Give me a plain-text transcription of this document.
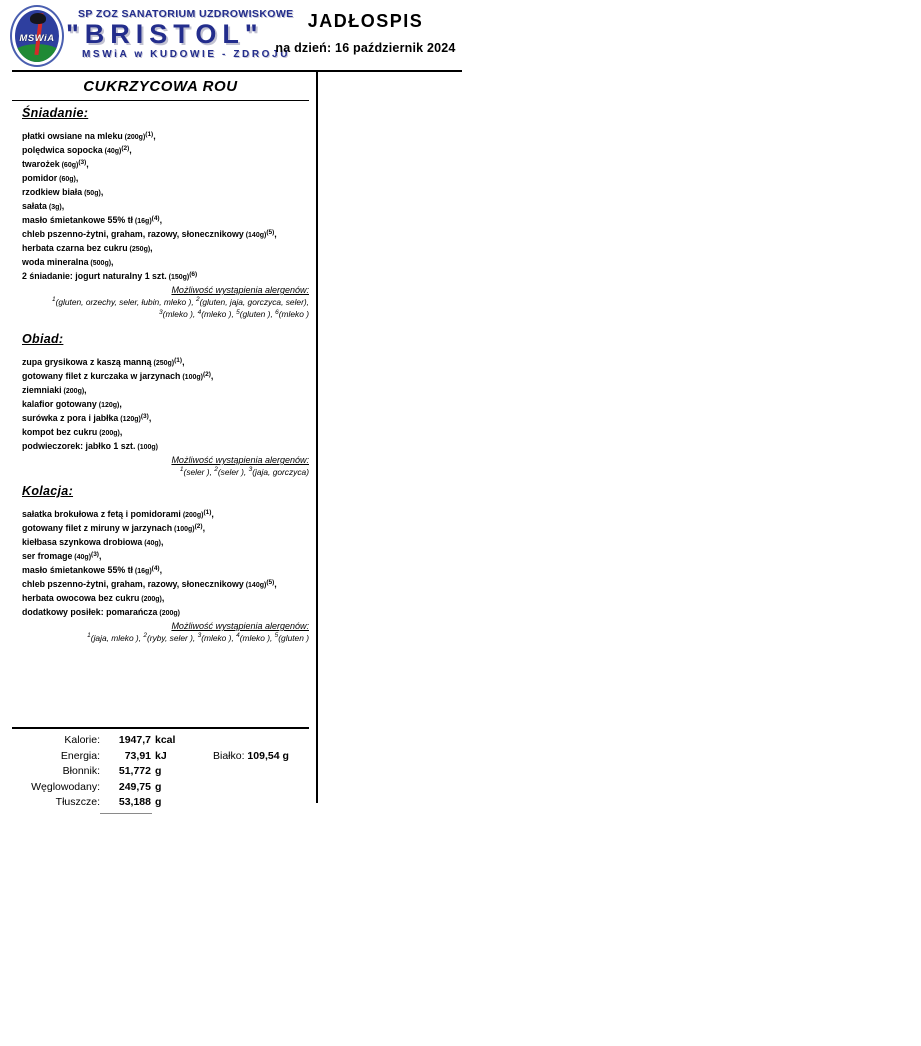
MSWiA
SP ZOZ SANATORIUM UZDROWISKOWE
"BRISTOL"
MSWiA w KUDOWIE - ZDROJU
JADŁOSPIS
na dzień: 16 październik 2024
CUKRZYCOWA ROU
Śniadanie:
płatki owsiane na mleku (200g)$^{(1)}$,
polędwica sopocka (40g)$^{(2)}$,
twarożek (60g)$^{(3)}$,
pomidor (60g),
rzodkiew biała (50g),
sałata (3g),
masło śmietankowe 55% tł (16g)$^{(4)}$,
chleb pszenno-żytni, graham, razowy, słonecznikowy (140g)$^{(5)}$,
herbata czarna bez cukru (250g),
woda mineralna (500g),
2 śniadanie: jogurt naturalny 1 szt. (150g)$^{(6)}$
Możliwość wystąpienia alergenów:
$^1$(gluten, orzechy, seler, łubin, mleko ), $^2$(gluten, jaja, gorczyca, seler),
$^3$(mleko ), $^4$(mleko ), $^5$(gluten ), $^6$(mleko )
Obiad:
zupa grysikowa z kaszą manną (250g)$^{(1)}$,
gotowany filet z kurczaka w jarzynach (100g)$^{(2)}$,
ziemniaki (200g),
kalafior gotowany (120g),
surówka z pora i jabłka (120g)$^{(3)}$,
kompot bez cukru (200g),
podwieczorek: jabłko 1 szt. (100g)
Możliwość wystąpienia alergenów:
$^1$(seler ), $^2$(seler ), $^3$(jaja, gorczyca)
Kolacja:
sałatka brokułowa z fetą i pomidorami (200g)$^{(1)}$,
gotowany filet z miruny w jarzynach (100g)$^{(2)}$,
kiełbasa szynkowa drobiowa (40g),
ser fromage (40g)$^{(3)}$,
masło śmietankowe 55% tł (16g)$^{(4)}$,
chleb pszenno-żytni, graham, razowy, słonecznikowy (140g)$^{(5)}$,
herbata owocowa bez cukru (200g),
dodatkowy posiłek: pomarańcza (200g)
Możliwość wystąpienia alergenów:
$^1$(jaja, mleko ), $^2$(ryby, seler ), $^3$(mleko ), $^4$(mleko ), $^5$(gluten )
Kalorie:	1947,7 kcal
Energia:	73,91 kJ	Białko: 109,54 g
Błonnik:	51,772 g
Węglowodany:	249,75 g
Tłuszcze:	53,188 g
